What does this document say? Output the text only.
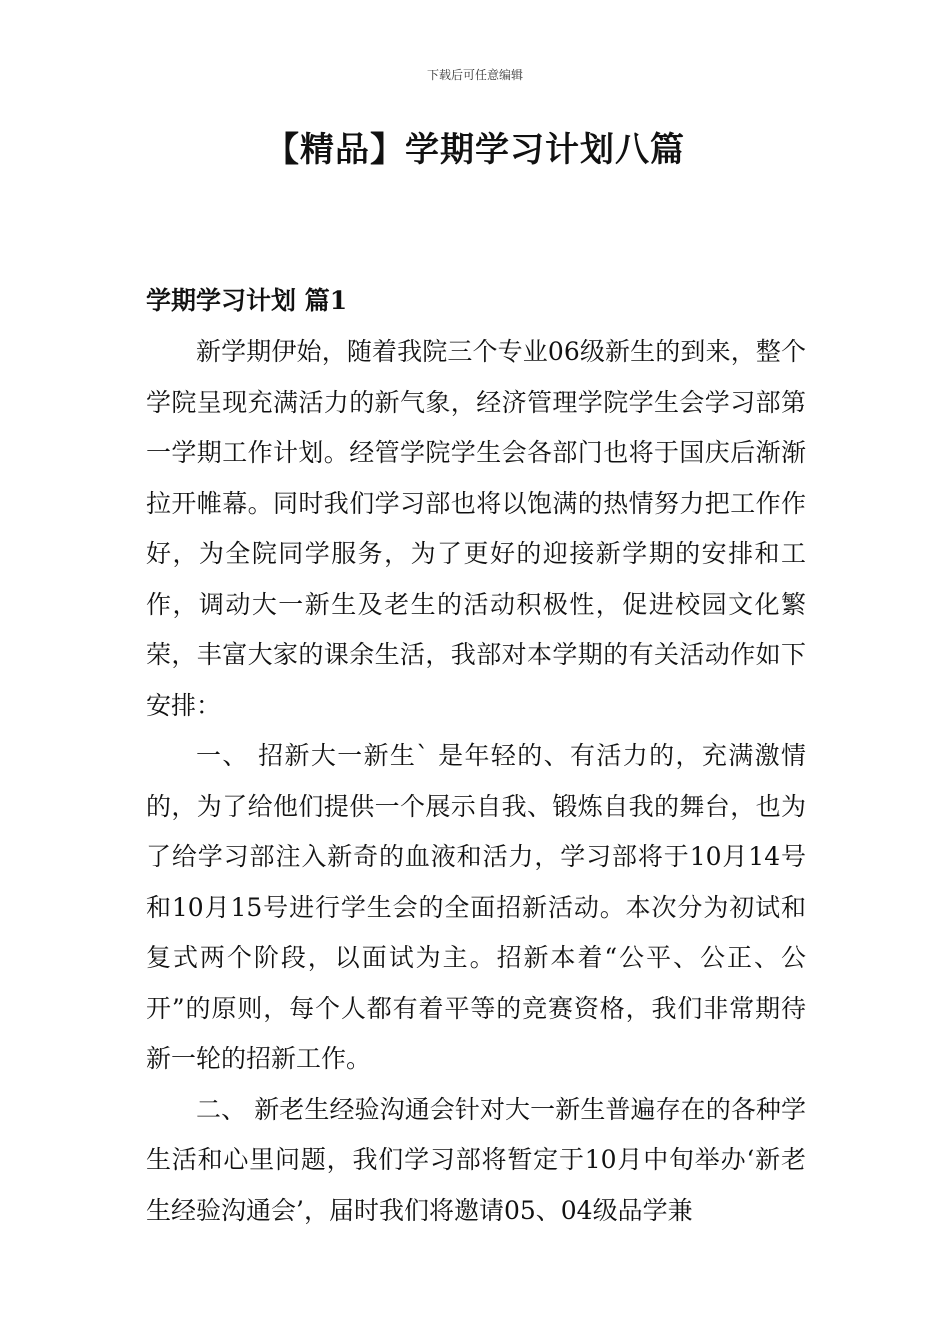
下载后可任意编辑
【精品】学期学习计划八篇
学期学习计划 篇1

新学期伊始，随着我院三个专业06级新生的到来，整个学院呈现充满活力的新气象，经济管理学院学生会学习部第一学期工作计划。经管学院学生会各部门也将于国庆后渐渐拉开帷幕。同时我们学习部也将以饱满的热情努力把工作作好，为全院同学服务，为了更好的迎接新学期的安排和工作，调动大一新生及老生的活动积极性，促进校园文化繁荣，丰富大家的课余生活，我部对本学期的有关活动作如下安排：

一、 招新大一新生` 是年轻的、有活力的，充满激情的，为了给他们提供一个展示自我、锻炼自我的舞台，也为了给学习部注入新奇的血液和活力，学习部将于10月14号和10月15号进行学生会的全面招新活动。本次分为初试和复式两个阶段，以面试为主。招新本着“公平、公正、公开”的原则，每个人都有着平等的竞赛资格，我们非常期待新一轮的招新工作。

二、 新老生经验沟通会针对大一新生普遍存在的各种学生活和心里问题，我们学习部将暂定于10月中旬举办‘新老生经验沟通会’，届时我们将邀请05、04级品学兼
